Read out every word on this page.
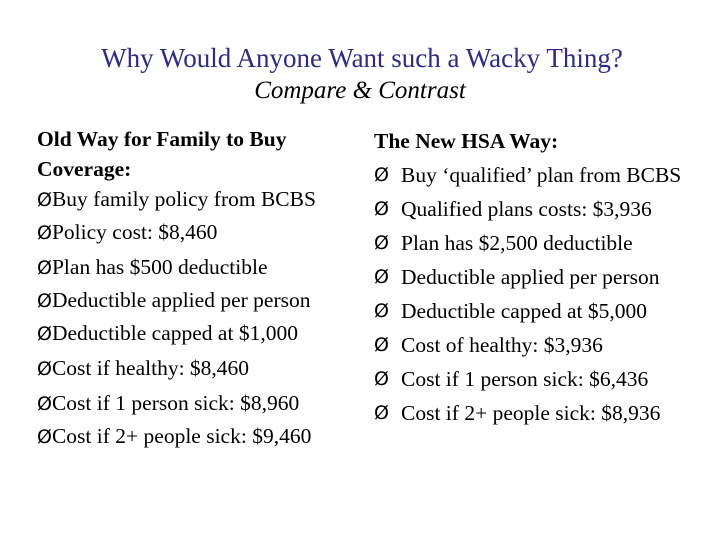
Why Would Anyone Want such a Wacky Thing?
Compare & Contrast
Old Way for Family to Buy Coverage:
ØBuy family policy from BCBS
ØPolicy cost: $8,460
ØPlan has $500 deductible
ØDeductible applied per person
ØDeductible capped at $1,000
ØCost if healthy: $8,460
ØCost if 1 person sick: $8,960
ØCost if 2+ people sick: $9,460
The New HSA Way:
Ø Buy ‘qualified’ plan from BCBS
Ø Qualified plans costs: $3,936
Ø Plan has $2,500 deductible
Ø Deductible applied per person
Ø Deductible capped at $5,000
Ø Cost of healthy: $3,936
Ø Cost if 1 person sick: $6,436
Ø Cost if 2+ people sick: $8,936
